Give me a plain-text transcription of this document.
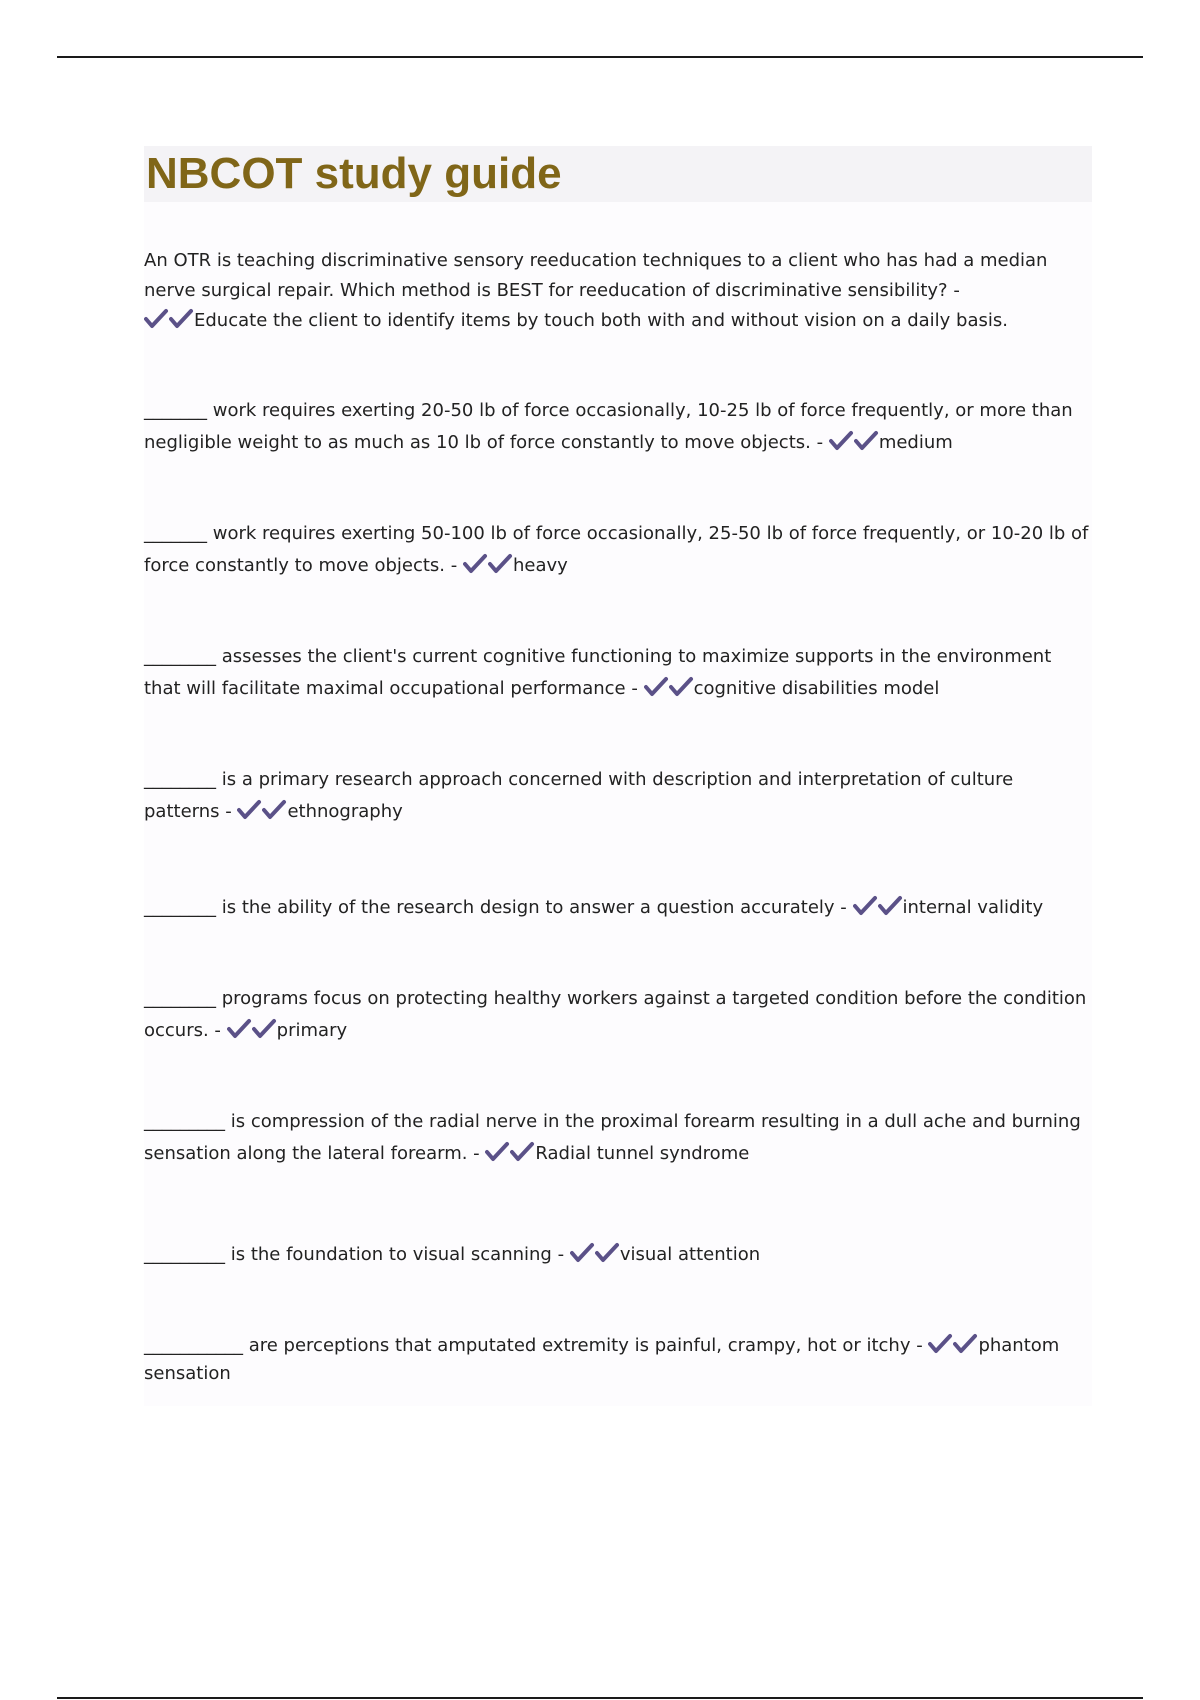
NBCOT study guide

An OTR is teaching discriminative sensory reeducation techniques to a client who has had a median nerve surgical repair. Which method is BEST for reeducation of discriminative sensibility? -

Educate the client to identify items by touch both with and without vision on a daily basis.

_______ work requires exerting 20-50 lb of force occasionally, 10-25 lb of force frequently, or more than negligible weight to as much as 10 lb of force constantly to move objects. -	medium

_______ work requires exerting 50-100 lb of force occasionally, 25-50 lb of force frequently, or 10-20 lb of force constantly to move objects. -	heavy

________ assesses the client's current cognitive functioning to maximize supports in the environment that will facilitate maximal occupational performance -	cognitive disabilities model

________ is a primary research approach concerned with description and interpretation of culture patterns -	ethnography

________ is the ability of the research design to answer a question accurately -	internal validity

________ programs focus on protecting healthy workers against a targeted condition before the condition occurs. -	primary

_________ is compression of the radial nerve in the proximal forearm resulting in a dull ache and burning sensation along the lateral forearm. -	Radial tunnel syndrome

_________ is the foundation to visual scanning -	visual attention

___________ are perceptions that amputated extremity is painful, crampy, hot or itchy -	phantom sensation
